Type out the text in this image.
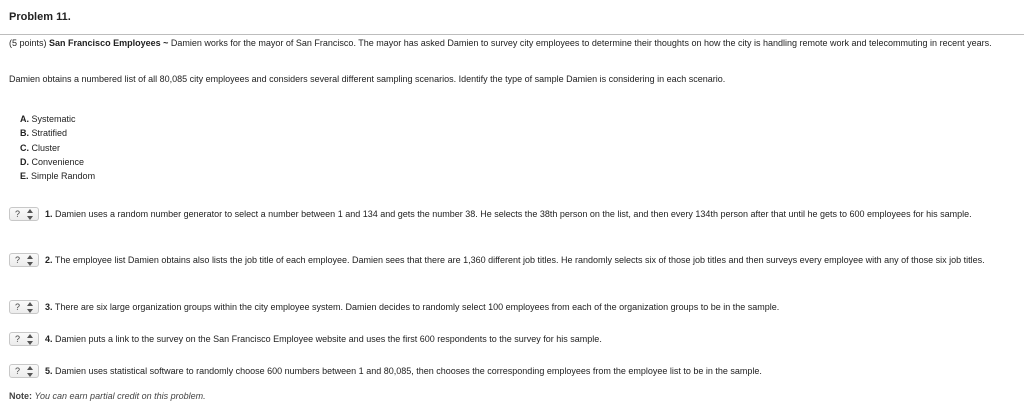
Problem 11.
(5 points) San Francisco Employees ~ Damien works for the mayor of San Francisco. The mayor has asked Damien to survey city employees to determine their thoughts on how the city is handling remote work and telecommuting in recent years.
Damien obtains a numbered list of all 80,085 city employees and considers several different sampling scenarios. Identify the type of sample Damien is considering in each scenario.
A. Systematic
B. Stratified
C. Cluster
D. Convenience
E. Simple Random
?	1. Damien uses a random number generator to select a number between 1 and 134 and gets the number 38. He selects the 38th person on the list, and then every 134th person after that until he gets to 600 employees for his sample.
?	2. The employee list Damien obtains also lists the job title of each employee. Damien sees that there are 1,360 different job titles. He randomly selects six of those job titles and then surveys every employee with any of those six job titles.
?	3. There are six large organization groups within the city employee system. Damien decides to randomly select 100 employees from each of the organization groups to be in the sample.
?	4. Damien puts a link to the survey on the San Francisco Employee website and uses the first 600 respondents to the survey for his sample.
?	5. Damien uses statistical software to randomly choose 600 numbers between 1 and 80,085, then chooses the corresponding employees from the employee list to be in the sample.
Note: You can earn partial credit on this problem.
